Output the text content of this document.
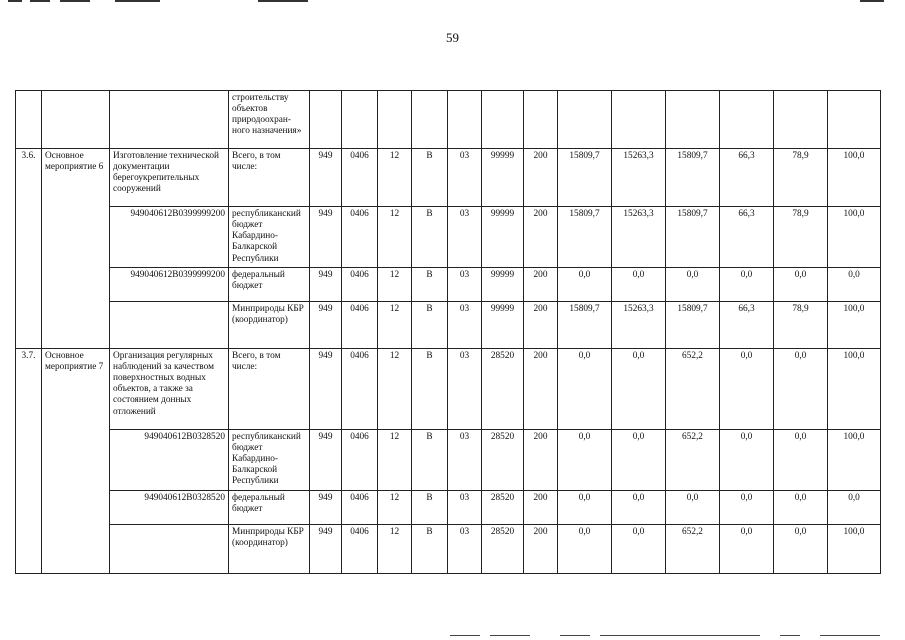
59
			строительству объектов природоохран-ного назначения»													
3.6.	Основное мероприятие 6	Изготовление технической документации берегоукрепительных сооружений	Всего, в том числе:	949	0406	12	В	03	99999	200	15809,7	15263,3	15809,7	66,3	78,9	100,0
		949040612В0399999200	республиканский бюджет Кабардино-Балкарской Республики	949	0406	12	В	03	99999	200	15809,7	15263,3	15809,7	66,3	78,9	100,0
		949040612В0399999200	федеральный бюджет	949	0406	12	В	03	99999	200	0,0	0,0	0,0	0,0	0,0	0,0
			Минприроды КБР (координатор)	949	0406	12	В	03	99999	200	15809,7	15263,3	15809,7	66,3	78,9	100,0
3.7.	Основное мероприятие 7	Организация регулярных наблюдений за качеством поверхностных водных объектов, а также за состоянием донных отложений	Всего, в том числе:	949	0406	12	В	03	28520	200	0,0	0,0	652,2	0,0	0,0	100,0
		949040612В0328520	республиканский бюджет Кабардино-Балкарской Республики	949	0406	12	В	03	28520	200	0,0	0,0	652,2	0,0	0,0	100,0
		949040612В0328520	федеральный бюджет	949	0406	12	В	03	28520	200	0,0	0,0	0,0	0,0	0,0	0,0
			Минприроды КБР (координатор)	949	0406	12	В	03	28520	200	0,0	0,0	652,2	0,0	0,0	100,0
